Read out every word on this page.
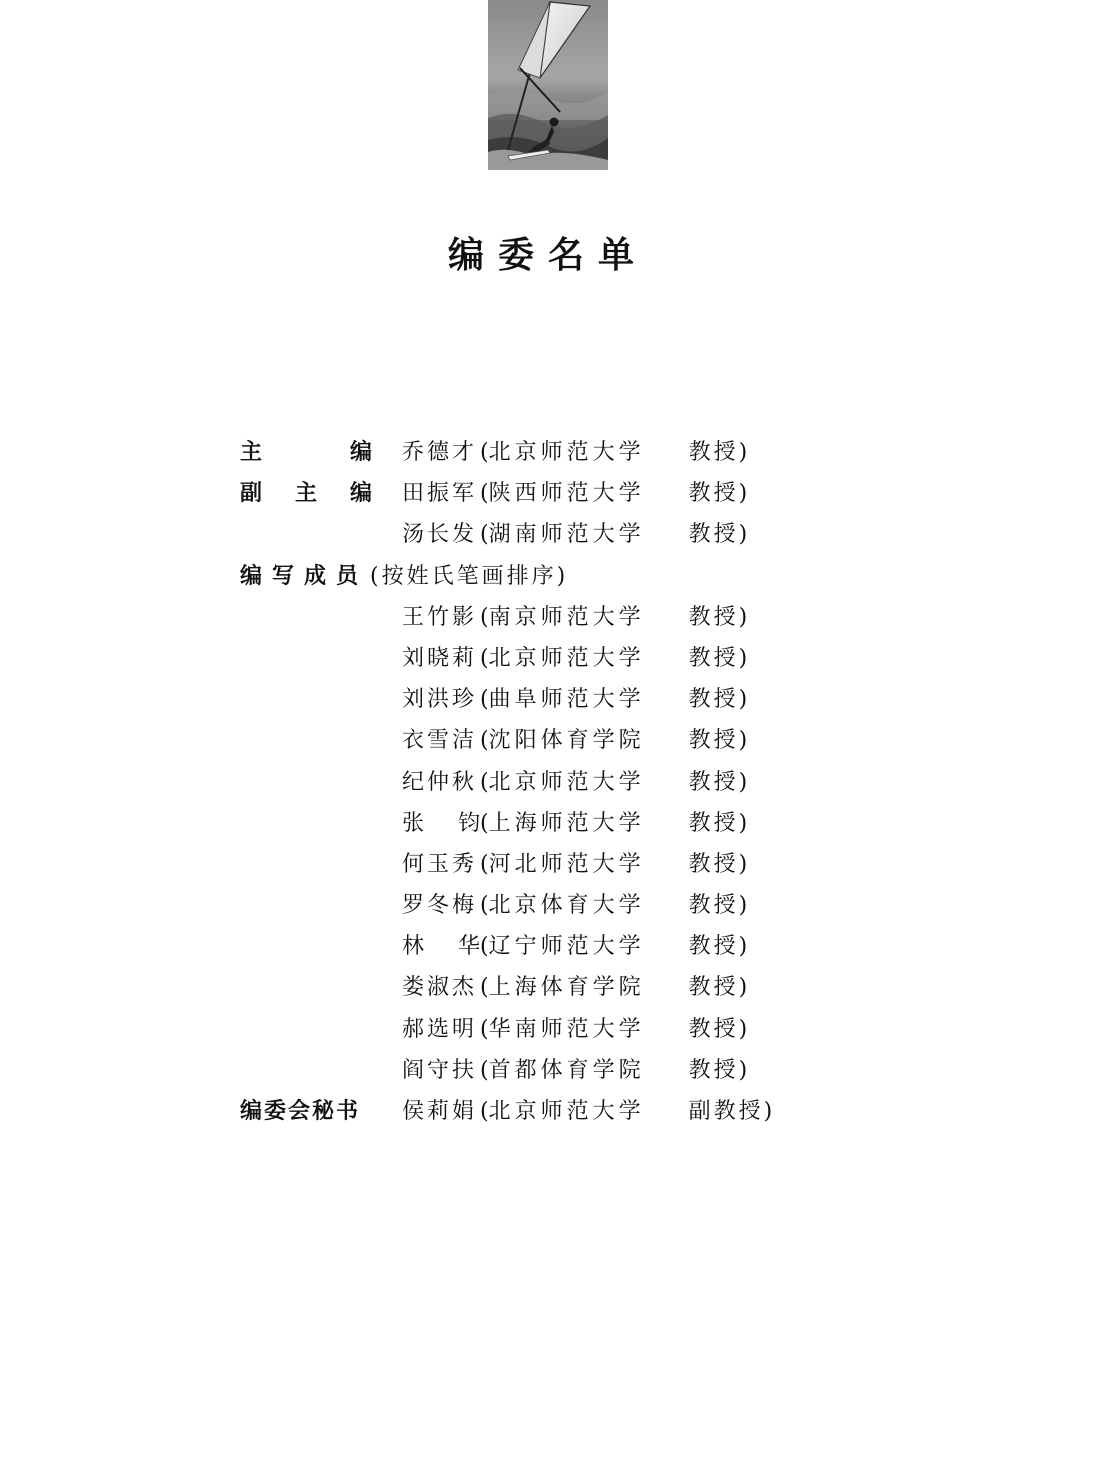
编委名单
主	编 乔德才 (北京师范大学 教授)
副 主 编 田振军 (陕西师范大学 教授)
汤长发 (湖南师范大学 教授)
编写成员(按姓氏笔画排序)
王竹影 (南京师范大学 教授)
刘晓莉 (北京师范大学 教授)
刘洪珍 (曲阜师范大学 教授)
衣雪洁 (沈阳体育学院 教授)
纪仲秋 (北京师范大学 教授)
张 钧 (上海师范大学 教授)
何玉秀 (河北师范大学 教授)
罗冬梅 (北京体育大学 教授)
林 华 (辽宁师范大学 教授)
娄淑杰 (上海体育学院 教授)
郝选明 (华南师范大学 教授)
阎守扶 (首都体育学院 教授)
编委会秘书 侯莉娟 (北京师范大学 副教授)
